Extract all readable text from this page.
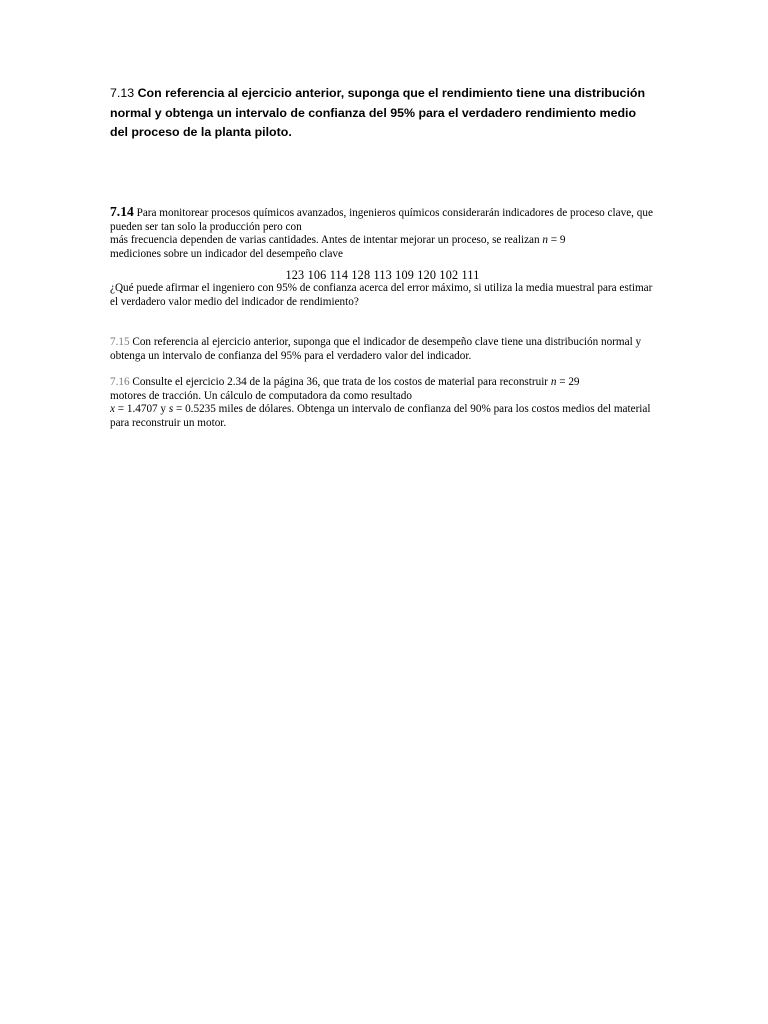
7.13 Con referencia al ejercicio anterior, suponga que el rendimiento tiene una distribución normal y obtenga un intervalo de confianza del 95% para el verdadero rendimiento medio del proceso de la planta piloto.
7.14 Para monitorear procesos químicos avanzados, ingenieros químicos considerarán indicadores de proceso clave, que pueden ser tan solo la producción pero con
más frecuencia dependen de varias cantidades. Antes de intentar mejorar un proceso, se realizan n = 9
mediciones sobre un indicador del desempeño clave
123 106 114 128 113 109 120 102 111
¿Qué puede afirmar el ingeniero con 95% de confianza acerca del error máximo, si utiliza la media muestral para estimar el verdadero valor medio del indicador de rendimiento?
7.15 Con referencia al ejercicio anterior, suponga que el indicador de desempeño clave tiene una distribución normal y obtenga un intervalo de confianza del 95% para el verdadero valor del indicador.
7.16 Consulte el ejercicio 2.34 de la página 36, que trata de los costos de material para reconstruir n = 29
motores de tracción. Un cálculo de computadora da como resultado
x = 1.4707 y s = 0.5235 miles de dólares. Obtenga un intervalo de confianza del 90% para los costos medios del material para reconstruir un motor.
